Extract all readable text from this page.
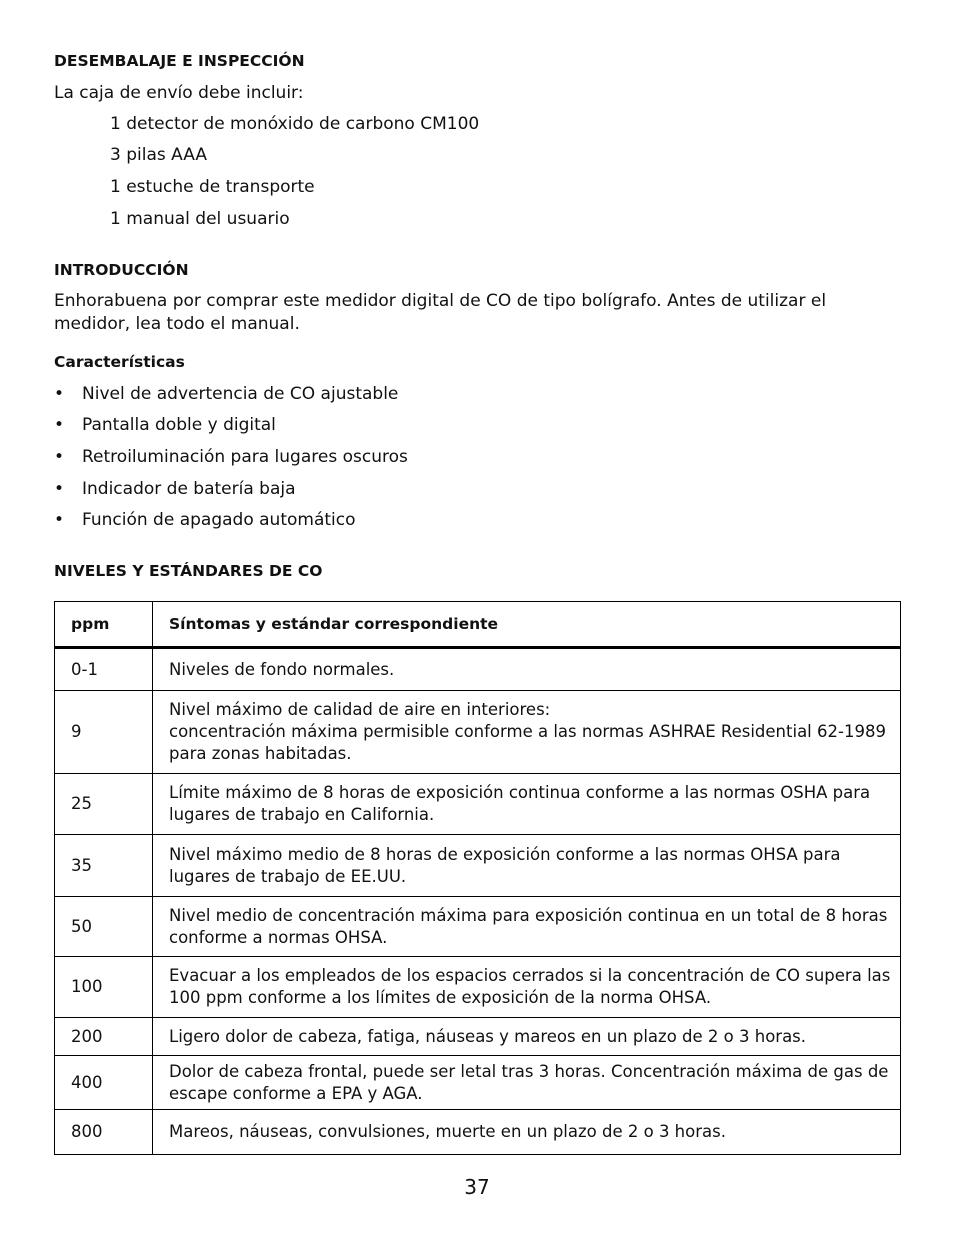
DESEMBALAJE E INSPECCIÓN

La caja de envío debe incluir:

1 detector de monóxido de carbono CM100

3 pilas AAA

1 estuche de transporte

1 manual del usuario

INTRODUCCIÓN

Enhorabuena por comprar este medidor digital de CO de tipo bolígrafo. Antes de utilizar el medidor, lea todo el manual.

Características

• Nivel de advertencia de CO ajustable

• Pantalla doble y digital

• Retroiluminación para lugares oscuros

• Indicador de batería baja

• Función de apagado automático

NIVELES Y ESTÁNDARES DE CO
ppm	Síntomas y estándar correspondiente
0-1	Niveles de fondo normales.
9	Nivel máximo de calidad de aire en interiores:
concentración máxima permisible conforme a las normas ASHRAE Residential 62-1989 para zonas habitadas.
25	Límite máximo de 8 horas de exposición continua conforme a las normas OSHA para lugares de trabajo en California.
35	Nivel máximo medio de 8 horas de exposición conforme a las normas OHSA para lugares de trabajo de EE.UU.
50	Nivel medio de concentración máxima para exposición continua en un total de 8 horas conforme a normas OHSA.
100	Evacuar a los empleados de los espacios cerrados si la concentración de CO supera las 100 ppm conforme a los límites de exposición de la norma OHSA.
200	Ligero dolor de cabeza, fatiga, náuseas y mareos en un plazo de 2 o 3 horas.
400	Dolor de cabeza frontal, puede ser letal tras 3 horas. Concentración máxima de gas de escape conforme a EPA y AGA.
800	Mareos, náuseas, convulsiones, muerte en un plazo de 2 o 3 horas.
37
